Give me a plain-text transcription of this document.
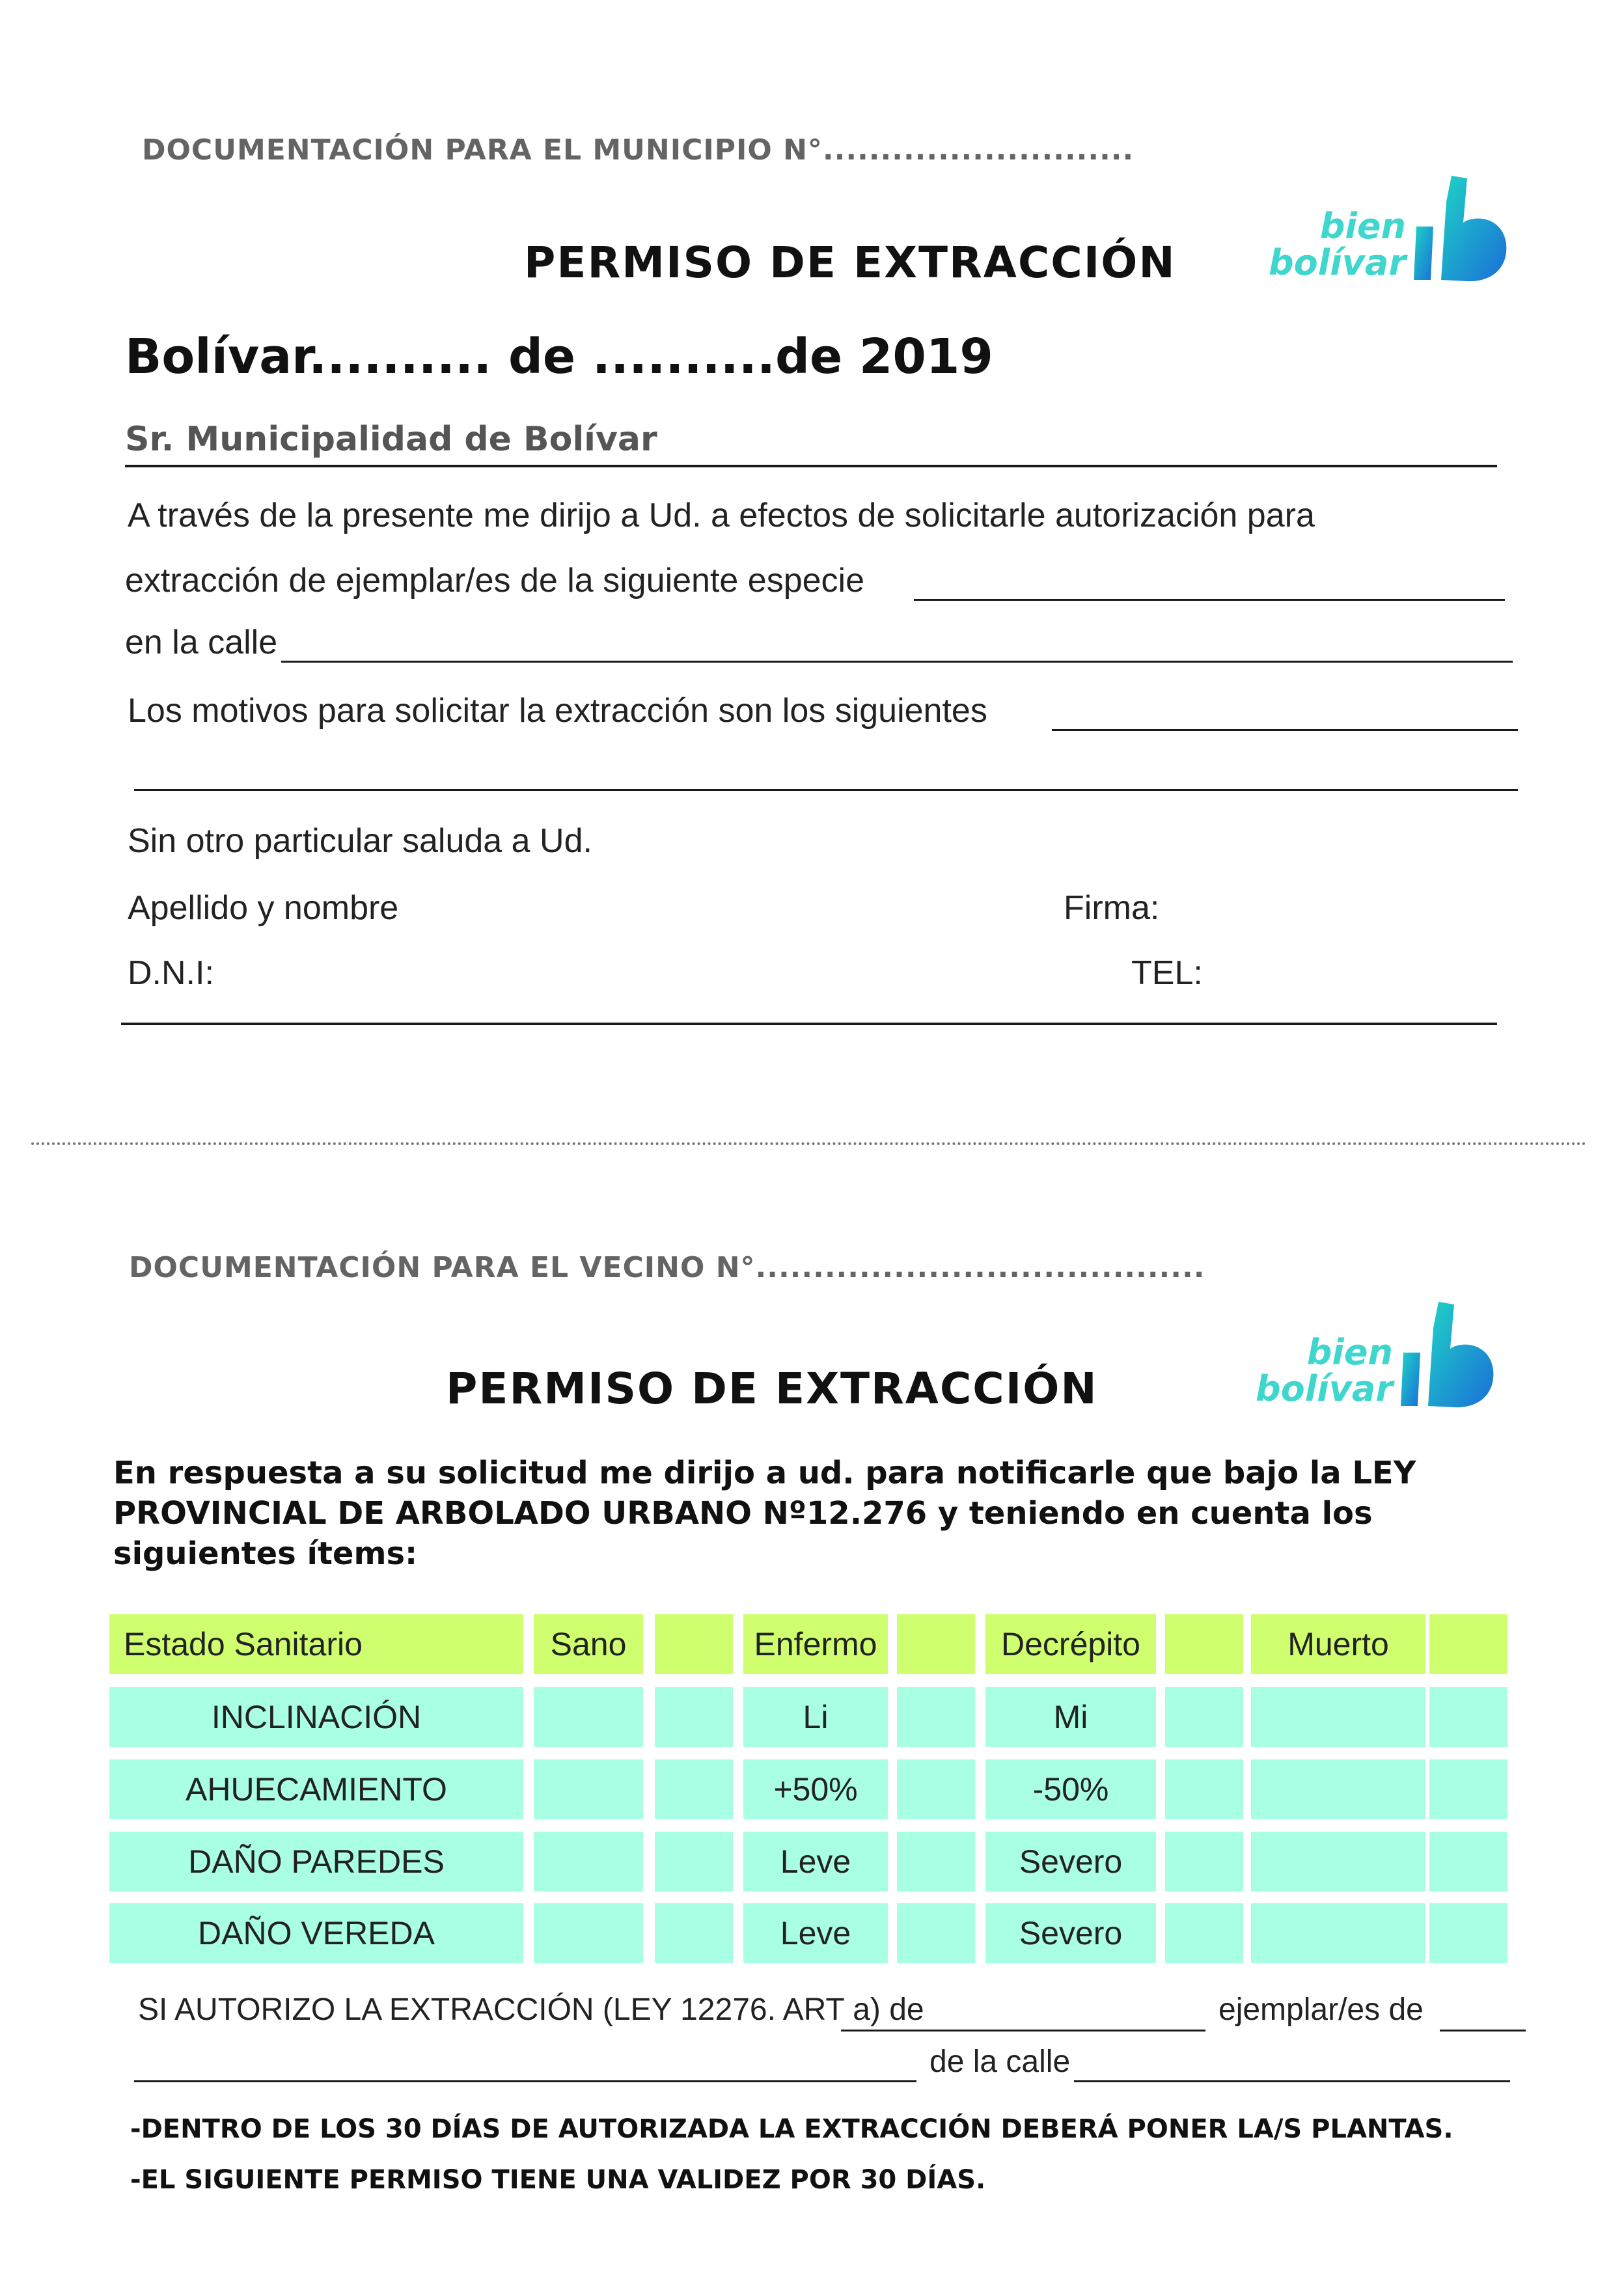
DOCUMENTACIÓN PARA EL MUNICIPIO N°...........................
PERMISO DE EXTRACCIÓN
bien
bolívar
Bolívar.......... de ..........de 2019
Sr. Municipalidad de Bolívar
A través de la presente me dirijo a Ud. a efectos de solicitarle autorización para
extracción de ejemplar/es de la siguiente especie
en la calle
Los motivos para solicitar la extracción son los siguientes
Sin otro particular saluda a Ud.
Apellido y nombre	Firma:
D.N.I:	TEL:
DOCUMENTACIÓN PARA EL VECINO N°.......................................
PERMISO DE EXTRACCIÓN
bien
bolívar
En respuesta a su solicitud me dirijo a ud. para notificarle que bajo la LEY PROVINCIAL DE ARBOLADO URBANO Nº12.276 y teniendo en cuenta los siguientes ítems:
Estado Sanitario	Sano	Enfermo	Decrépito	Muerto
INCLINACIÓN	Li	Mi
AHUECAMIENTO	+50%	-50%
DAÑO PAREDES	Leve	Severo
DAÑO VEREDA	Leve	Severo
SI AUTORIZO LA EXTRACCIÓN (LEY 12276. ART a) de	ejemplar/es de
de la calle
-DENTRO DE LOS 30 DÍAS DE AUTORIZADA LA EXTRACCIÓN DEBERÁ PONER LA/S PLANTAS.
-EL SIGUIENTE PERMISO TIENE UNA VALIDEZ POR 30 DÍAS.
